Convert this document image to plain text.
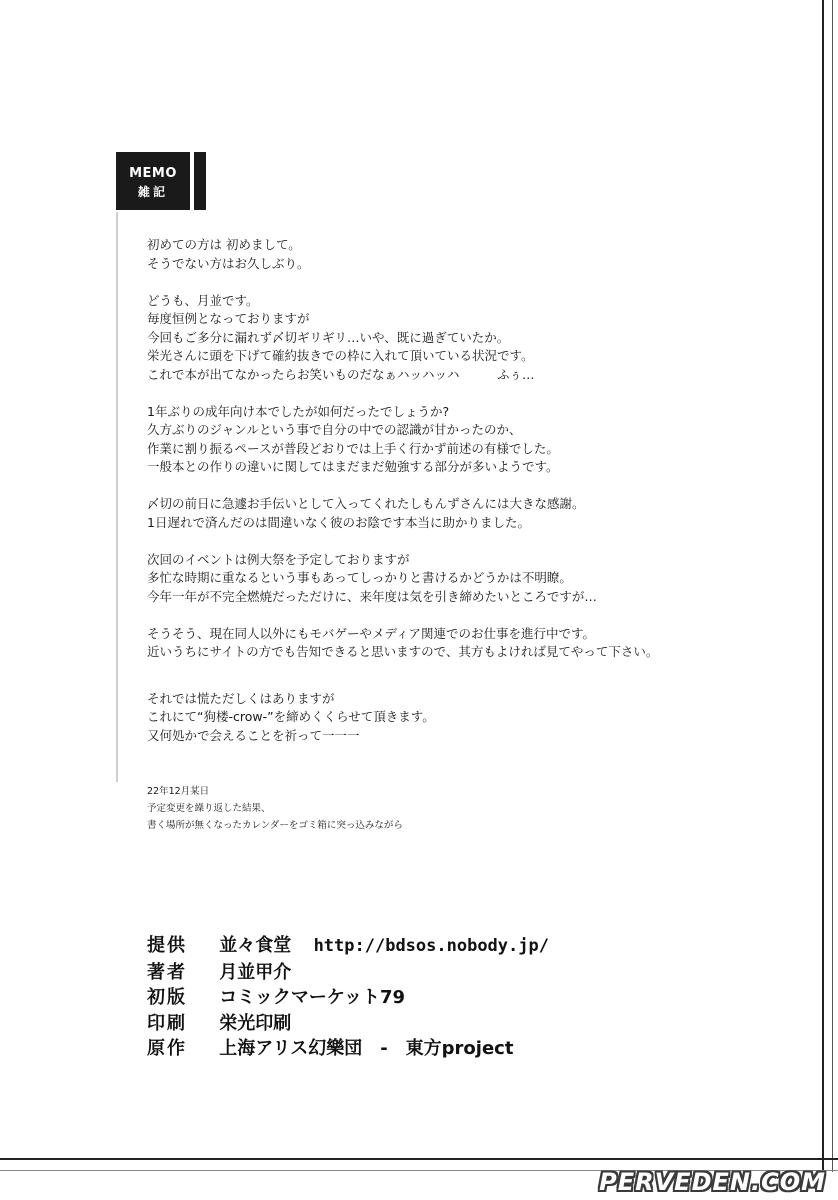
MEMO
雑記
初めての方は 初めまして。
そうでない方はお久しぶり。
どうも、月並です。
毎度恒例となっておりますが
今回もご多分に漏れず〆切ギリギリ…いや、既に過ぎていたか。
栄光さんに頭を下げて確約抜きでの枠に入れて頂いている状況です。
これで本が出てなかったらお笑いものだなぁハッハッハ　　　ふぅ…
1年ぶりの成年向け本でしたが如何だったでしょうか?
久方ぶりのジャンルという事で自分の中での認識が甘かったのか、
作業に割り振るペースが普段どおりでは上手く行かず前述の有様でした。
一般本との作りの違いに関してはまだまだ勉強する部分が多いようです。
〆切の前日に急遽お手伝いとして入ってくれたしもんずさんには大きな感謝。
1日遅れで済んだのは間違いなく彼のお陰です本当に助かりました。
次回のイベントは例大祭を予定しておりますが
多忙な時期に重なるという事もあってしっかりと書けるかどうかは不明瞭。
今年一年が不完全燃焼だっただけに、来年度は気を引き締めたいところですが…
そうそう、現在同人以外にもモバゲーやメディア関連でのお仕事を進行中です。
近いうちにサイトの方でも告知できると思いますので、其方もよければ見てやって下さい。
それでは慌ただしくはありますが
これにて“狗楼-crow-”を締めくくらせて頂きます。
又何処かで会えることを祈って一一一
22年12月某日
予定変更を繰り返した結果、
書く場所が無くなったカレンダーをゴミ箱に突っ込みながら
提供 並々食堂 http://bdsos.nobody.jp/
著者 月並甲介
初版 コミックマーケット79
印刷 栄光印刷
原作 上海アリス幻樂団　-　東方project
PERVEDEN.COM
